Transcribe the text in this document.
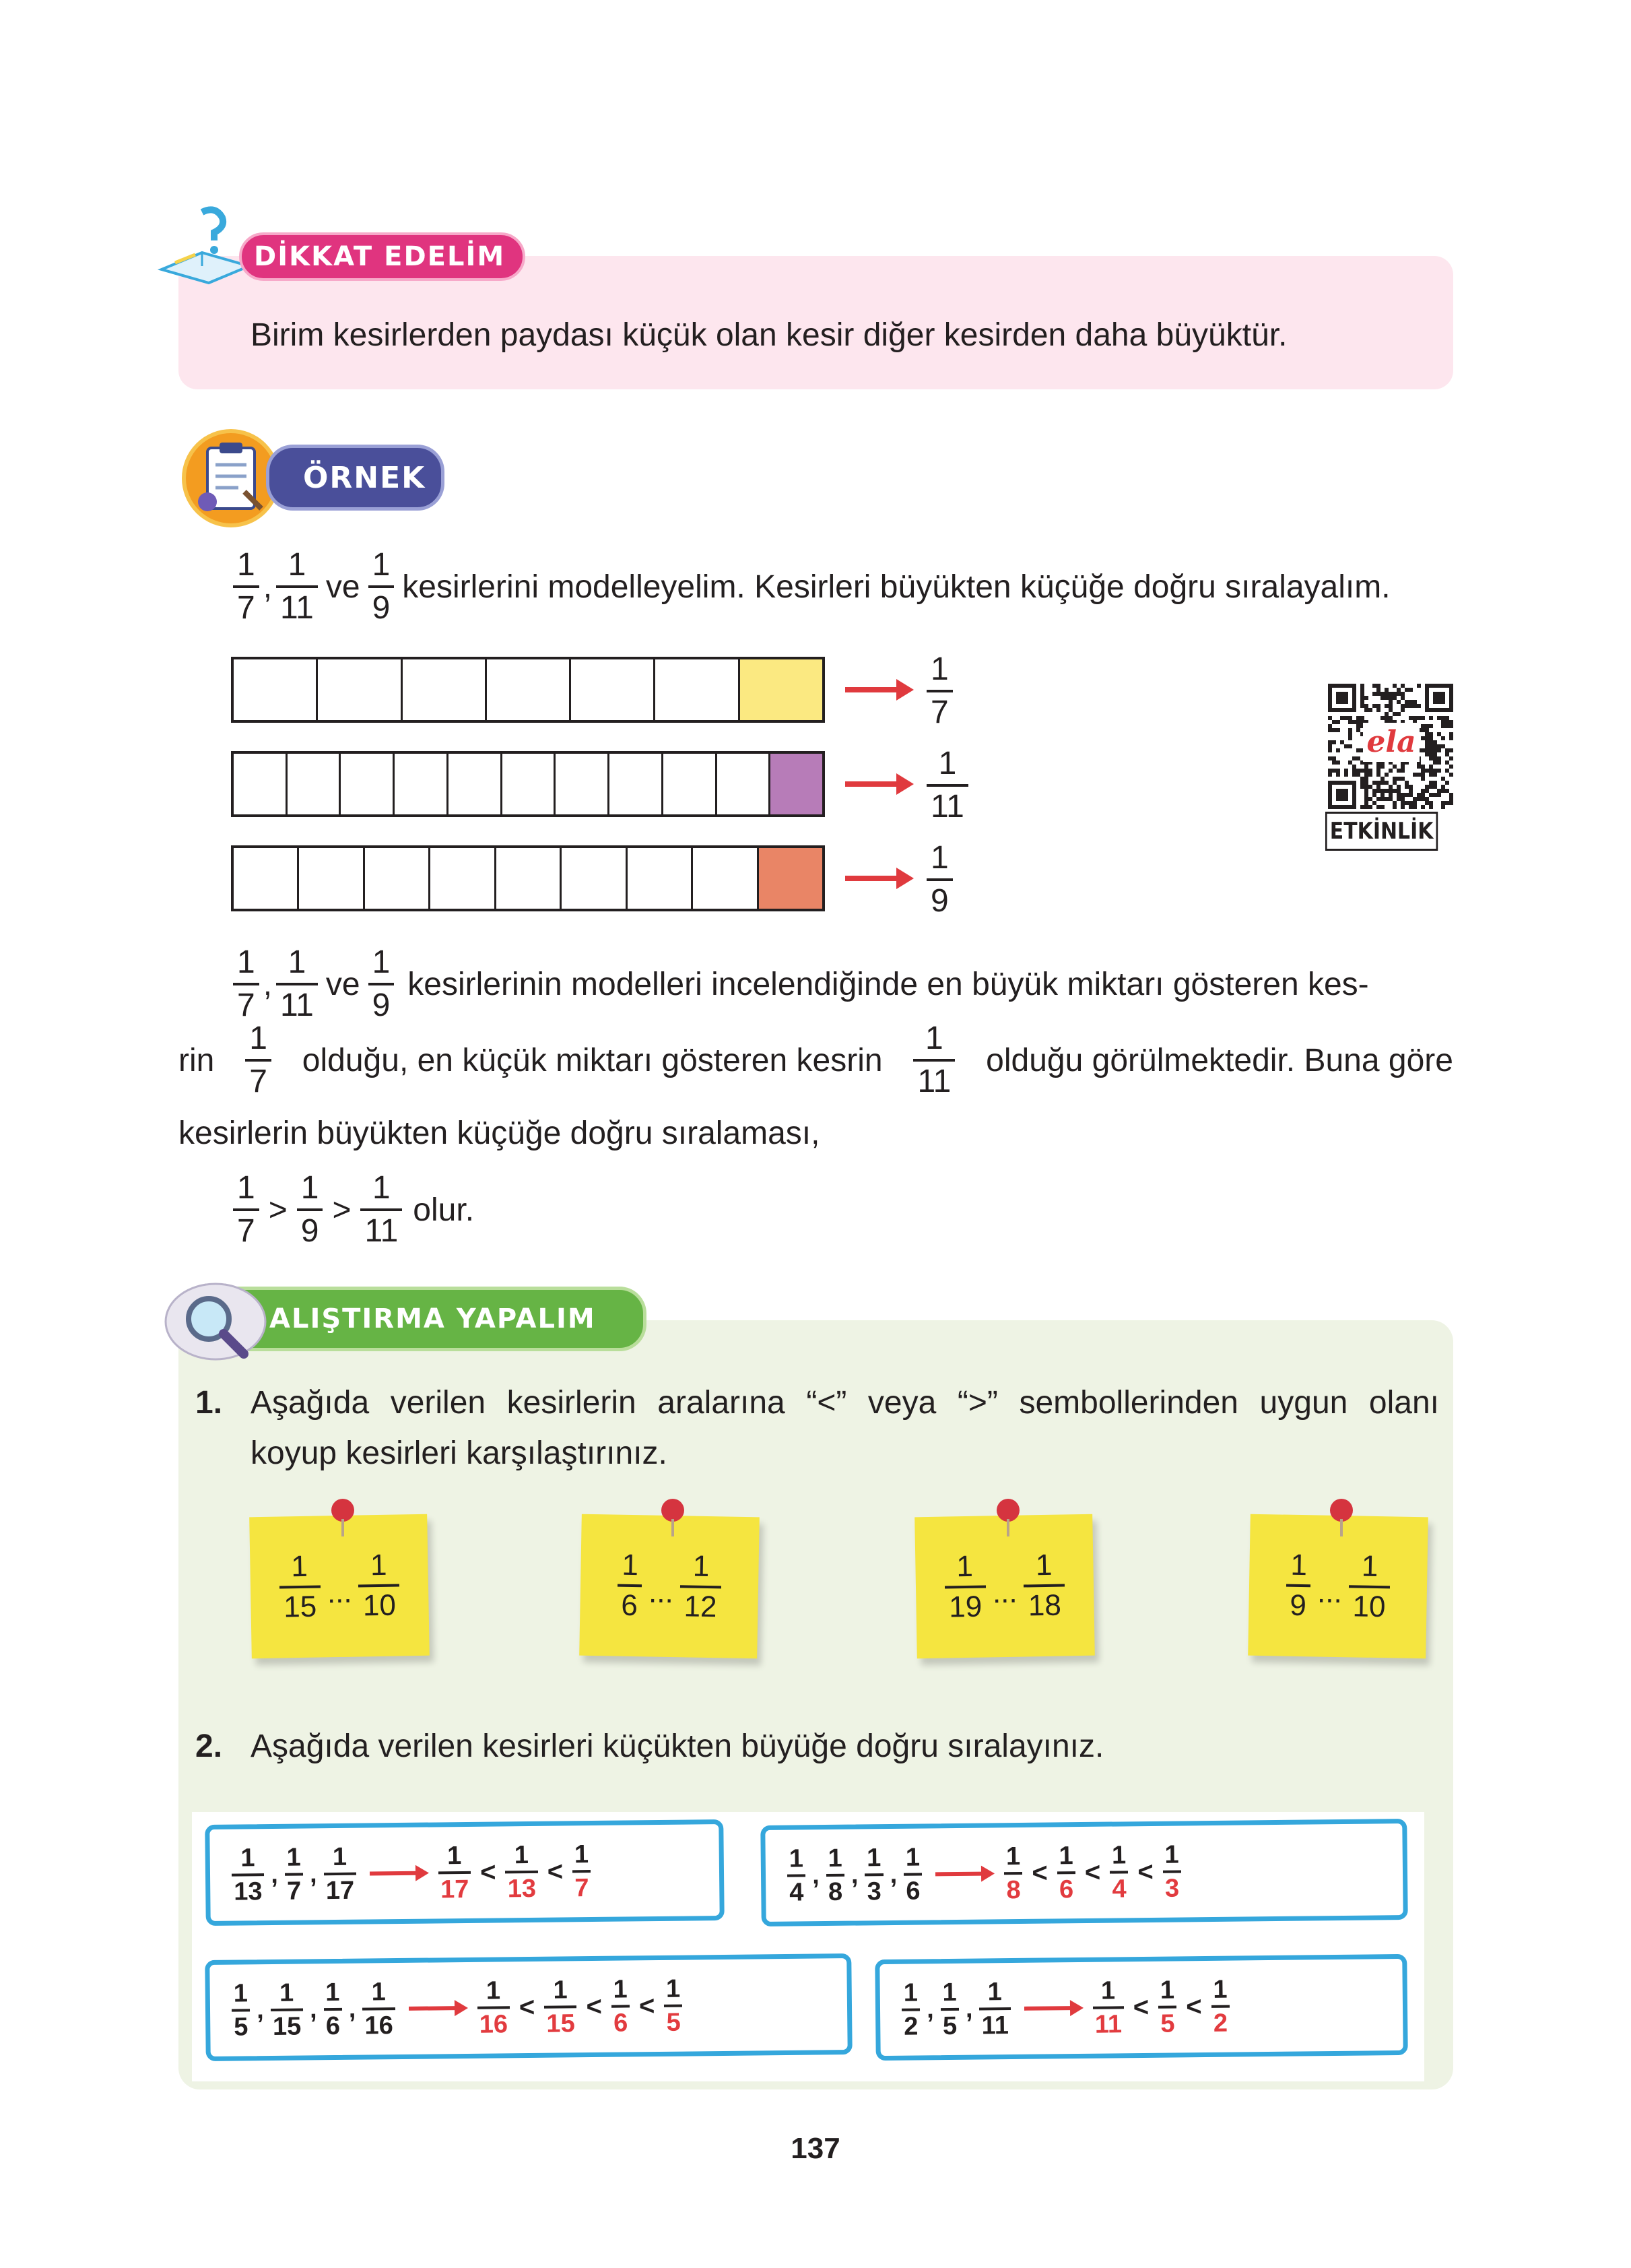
DİKKAT EDELİM
Birim kesirlerden paydası küçük olan kesir diğer kesirden daha büyüktür.
ÖRNEK
$\frac{1}{7}$ , $\frac{1}{11}$ ve $\frac{1}{9}$ kesirlerini modelleyelim. Kesirleri büyükten küçüğe doğru sıralayalım.
$\frac{1}{7}$
$\frac{1}{11}$
$\frac{1}{9}$
ela
ETKİNLİK
$\frac{1}{7}$ , $\frac{1}{11}$ ve $\frac{1}{9}$ kesirlerinin modelleri incelendiğinde en büyük miktarı gösteren kes-
rin $\frac{1}{7}$ olduğu, en küçük miktarı gösteren kesrin $\frac{1}{11}$ olduğu görülmektedir. Buna göre
kesirlerin büyükten küçüğe doğru sıralaması,
$\frac{1}{7} > \frac{1}{9} > \frac{1}{11}$ olur.
ALIŞTIRMA YAPALIM
1. Aşağıda verilen kesirlerin aralarına “<” veya “>” sembollerinden uygun olanı
koyup kesirleri karşılaştırınız.
1
15 ...
1
10
1
6 ...
1
12
1
19 ...
1
18
1
9 ...
1
10
2. Aşağıda verilen kesirleri küçükten büyüğe doğru sıralayınız.
1
13
,
1
7
,
1
17
1
17
<
1
13
<
1
7
1
4
,
1
8
,
1
3
,
1
6
1
8
<
1
6
<
1
4
<
1
3
1
5
,
1
15
,
1
6
,
1
16
1
16
<
1
15
<
1
6
<
1
5
1
2
,
1
5
,
1
11
1
11
<
1
5
<
1
2
137
